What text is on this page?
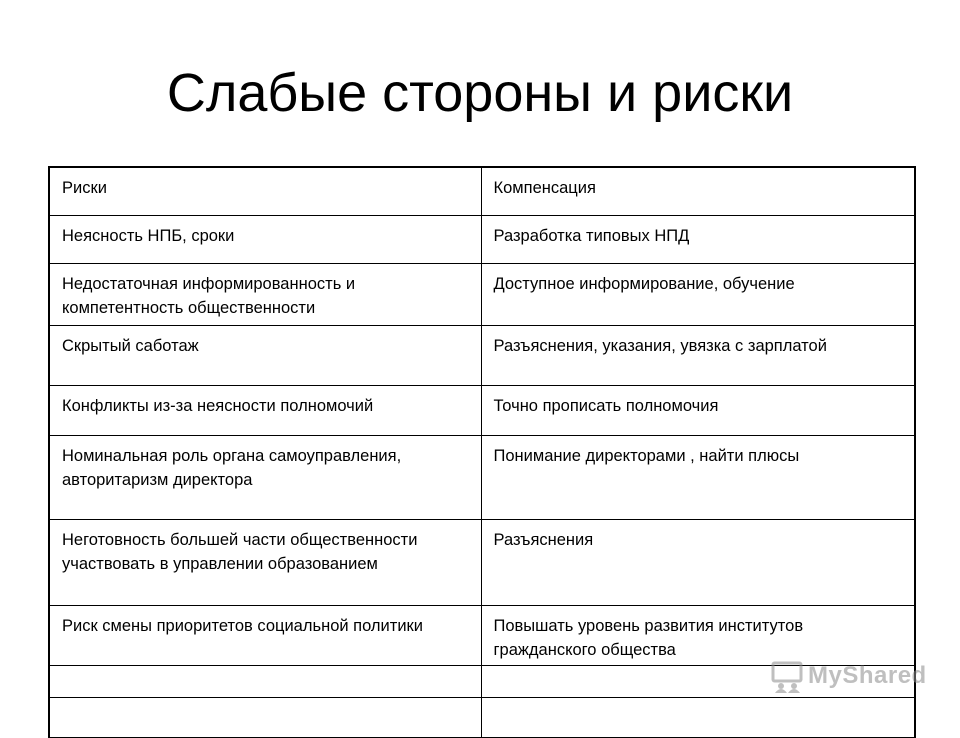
Слабые стороны и риски
Риски	Компенсация
Неясность НПБ, сроки	Разработка типовых НПД
Недостаточная информированность и компетентность общественности	Доступное информирование, обучение
Скрытый саботаж	Разъяснения, указания, увязка с зарплатой
Конфликты из-за неясности полномочий	Точно прописать полномочия
Номинальная роль органа самоуправления, авторитаризм директора	Понимание директорами , найти плюсы
Неготовность большей части общественности участвовать в управлении образованием	Разъяснения
Риск смены приоритетов социальной политики	Повышать уровень развития институтов гражданского общества

MyShared
